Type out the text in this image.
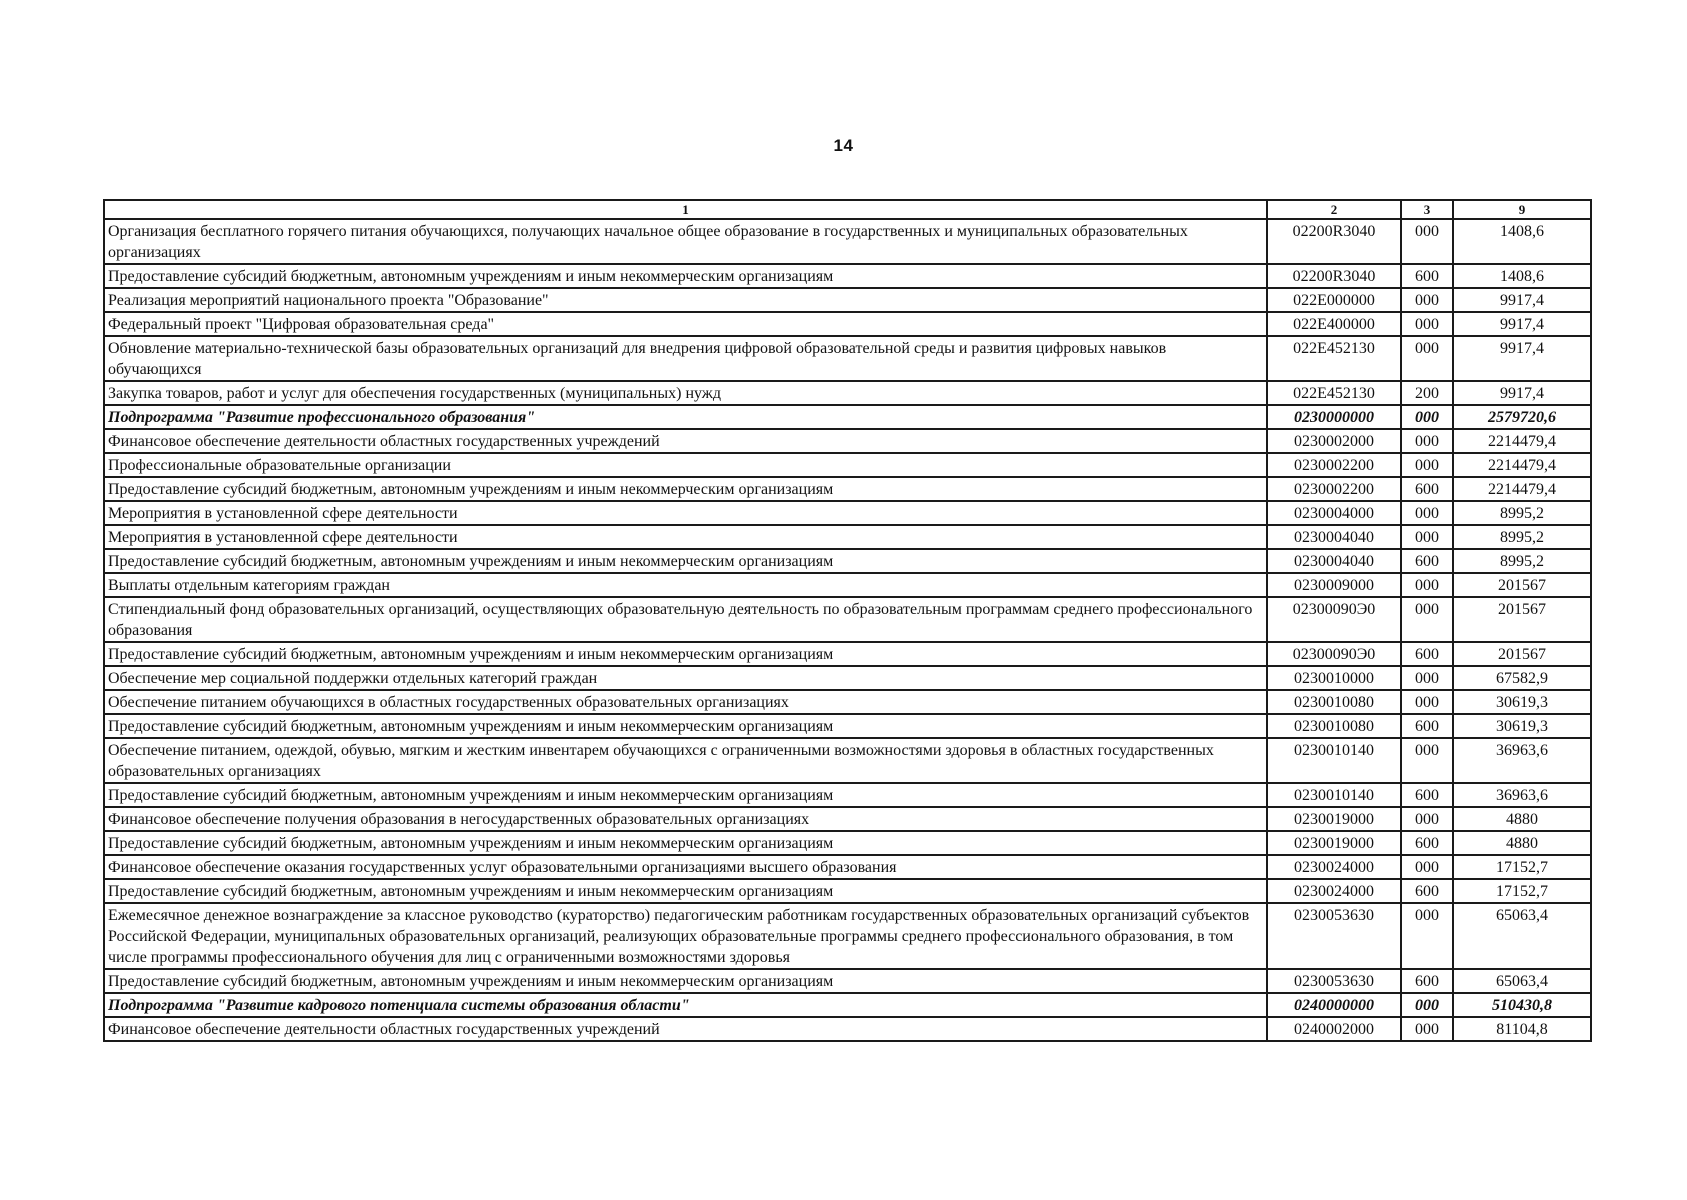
14
1	2	3	9
Организация бесплатного горячего питания обучающихся, получающих начальное общее образование в государственных и муниципальных образовательных организациях	02200R3040	000	1408,6
Предоставление субсидий бюджетным, автономным учреждениям и иным некоммерческим организациям	02200R3040	600	1408,6
Реализация мероприятий национального проекта "Образование"	022E000000	000	9917,4
Федеральный проект "Цифровая образовательная среда"	022E400000	000	9917,4
Обновление материально-технической базы образовательных организаций для внедрения цифровой образовательной среды и развития цифровых навыков обучающихся	022E452130	000	9917,4
Закупка товаров, работ и услуг для обеспечения государственных (муниципальных) нужд	022E452130	200	9917,4
Подпрограмма "Развитие профессионального образования"	0230000000	000	2579720,6
Финансовое обеспечение деятельности областных государственных учреждений	0230002000	000	2214479,4
Профессиональные образовательные организации	0230002200	000	2214479,4
Предоставление субсидий бюджетным, автономным учреждениям и иным некоммерческим организациям	0230002200	600	2214479,4
Мероприятия в установленной сфере деятельности	0230004000	000	8995,2
Мероприятия в установленной сфере деятельности	0230004040	000	8995,2
Предоставление субсидий бюджетным, автономным учреждениям и иным некоммерческим организациям	0230004040	600	8995,2
Выплаты отдельным категориям граждан	0230009000	000	201567
Стипендиальный фонд образовательных организаций, осуществляющих образовательную деятельность по образовательным программам среднего профессионального образования	02300090Э0	000	201567
Предоставление субсидий бюджетным, автономным учреждениям и иным некоммерческим организациям	02300090Э0	600	201567
Обеспечение мер социальной поддержки отдельных категорий граждан	0230010000	000	67582,9
Обеспечение питанием обучающихся в областных государственных образовательных организациях	0230010080	000	30619,3
Предоставление субсидий бюджетным, автономным учреждениям и иным некоммерческим организациям	0230010080	600	30619,3
Обеспечение питанием, одеждой, обувью, мягким и жестким инвентарем обучающихся с ограниченными возможностями здоровья в областных государственных образовательных организациях	0230010140	000	36963,6
Предоставление субсидий бюджетным, автономным учреждениям и иным некоммерческим организациям	0230010140	600	36963,6
Финансовое обеспечение получения образования в негосударственных образовательных организациях	0230019000	000	4880
Предоставление субсидий бюджетным, автономным учреждениям и иным некоммерческим организациям	0230019000	600	4880
Финансовое обеспечение оказания государственных услуг образовательными организациями высшего образования	0230024000	000	17152,7
Предоставление субсидий бюджетным, автономным учреждениям и иным некоммерческим организациям	0230024000	600	17152,7
Ежемесячное денежное вознаграждение за классное руководство (кураторство) педагогическим работникам государственных образовательных организаций субъектов Российской Федерации, муниципальных образовательных организаций, реализующих образовательные программы среднего профессионального образования, в том числе программы профессионального обучения для лиц с ограниченными возможностями здоровья	0230053630	000	65063,4
Предоставление субсидий бюджетным, автономным учреждениям и иным некоммерческим организациям	0230053630	600	65063,4
Подпрограмма "Развитие кадрового потенциала системы образования области"	0240000000	000	510430,8
Финансовое обеспечение деятельности областных государственных учреждений	0240002000	000	81104,8
